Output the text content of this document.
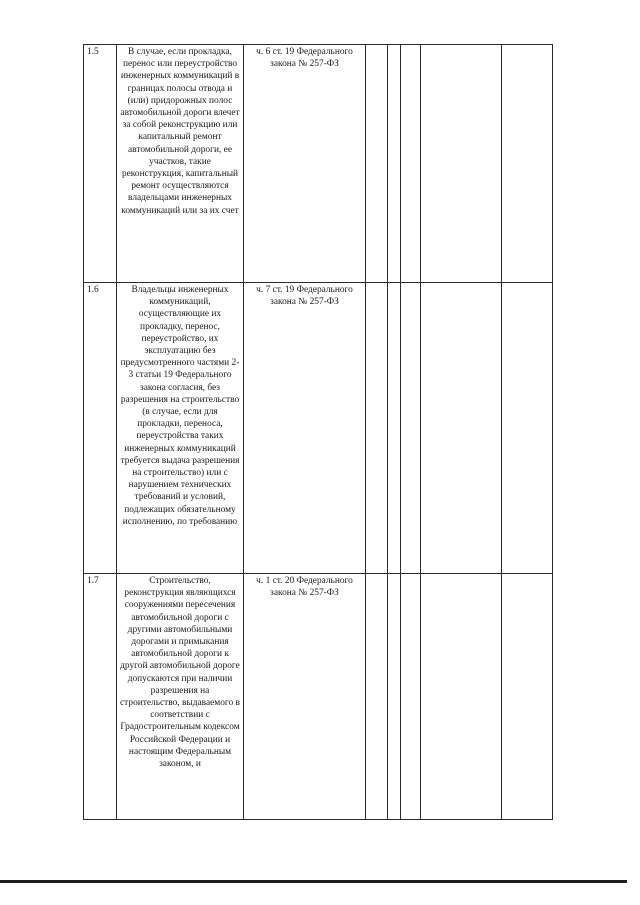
1.5	В случае, если прокладка, перенос или переустройство инженерных коммуникаций в границах полосы отвода и (или) придорожных полос автомобильной дороги влечет за собой реконструкцию или капитальный ремонт автомобильной дороги, ее участков, такие реконструкция, капитальный ремонт осуществляются владельцами инженерных коммуникаций или за их счет	ч. 6 ст. 19 Федерального закона № 257-ФЗ					

1.6	Владельцы инженерных коммуникаций, осуществляющие их прокладку, перенос, переустройство, их эксплуатацию без предусмотренного частями 2-3 статьи 19 Федерального закона согласия, без разрешения на строительство (в случае, если для прокладки, переноса, переустройства таких инженерных коммуникаций требуется выдача разрешения на строительство) или с нарушением технических требований и условий, подлежащих обязательному исполнению, по требованию	ч. 7 ст. 19 Федерального закона № 257-ФЗ					

1.7	Строительство, реконструкция являющихся сооружениями пересечения автомобильной дороги с другими автомобильными дорогами и примыкания автомобильной дороги к другой автомобильной дороге допускаются при наличии разрешения на строительство, выдаваемого в соответствии с Градостроительным кодексом Российской Федерации и настоящим Федеральным законом, и	ч. 1 ст. 20 Федерального закона № 257-ФЗ					
